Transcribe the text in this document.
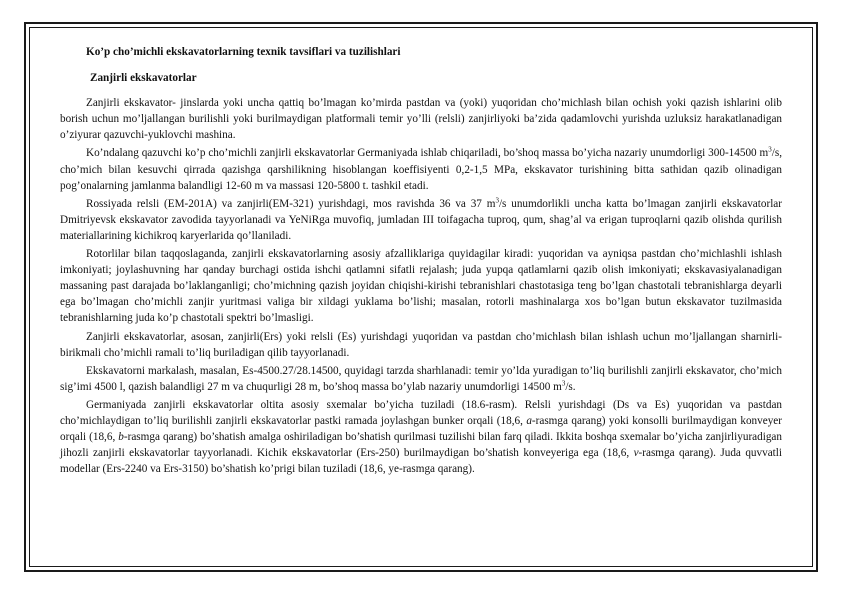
Ko’p cho’michli ekskavatorlarning texnik tavsiflari va tuzilishlari

Zanjirli ekskavatorlar

Zanjirli ekskavator- jinslarda yoki uncha qattiq bo’lmagan ko’mirda pastdan va (yoki) yuqoridan cho’michlash bilan ochish yoki qazish ishlarini olib borish uchun mo’ljallangan burilishli yoki burilmaydigan platformali temir yo’lli (relsli) zanjirliyoki ba’zida qadamlovchi yurishda uzluksiz harakatlanadigan o’ziyurar qazuvchi-yuklovchi mashina.

Ko’ndalang qazuvchi ko’p cho’michli zanjirli ekskavatorlar Germaniyada ishlab chiqariladi, bo’shoq massa bo’yicha nazariy unumdorligi 300-14500 $m^3/s$, cho’mich bilan kesuvchi qirrada qazishga qarshilikning hisoblangan koeffisiyenti 0,2-1,5 MPa, ekskavator turishining bitta sathidan qazib olinadigan pog’onalarning jamlanma balandligi 12-60 m va massasi 120-5800 t. tashkil etadi.

Rossiyada relsli (EM-201A) va zanjirli(EM-321) yurishdagi, mos ravishda 36 va 37 $m^3/s$ unumdorlikli uncha katta bo’lmagan zanjirli ekskavatorlar Dmitriyevsk ekskavator zavodida tayyorlanadi va YeNiRga muvofiq, jumladan III toifagacha tuproq, qum, shag’al va erigan tuproqlarni qazib olishda qurilish materiallarining kichikroq karyerlarida qo’llaniladi.

Rotorlilar bilan taqqoslaganda, zanjirli ekskavatorlarning asosiy afzalliklariga quyidagilar kiradi: yuqoridan va ayniqsa pastdan cho’michlashli ishlash imkoniyati; joylashuvning har qanday burchagi ostida ishchi qatlamni sifatli rejalash; juda yupqa qatlamlarni qazib olish imkoniyati; ekskavasiyalanadigan massaning past darajada bo’laklanganligi; cho’michning qazish joyidan chiqishi-kirishi tebranishlari chastotasiga teng bo’lgan chastotali tebranishlarga deyarli ega bo’lmagan cho’michli zanjir yuritmasi valiga bir xildagi yuklama bo’lishi; masalan, rotorli mashinalarga xos bo’lgan butun ekskavator tuzilmasida tebranishlarning juda ko’p chastotali spektri bo’lmasligi.

Zanjirli ekskavatorlar, asosan, zanjirli(Ers) yoki relsli (Es) yurishdagi yuqoridan va pastdan cho’michlash bilan ishlash uchun mo’ljallangan sharnirli-birikmali cho’michli ramali to’liq buriladigan qilib tayyorlanadi.

Ekskavatorni markalash, masalan, Es-4500.27/28.14500, quyidagi tarzda sharhlanadi: temir yo’lda yuradigan to’liq burilishli zanjirli ekskavator, cho’mich sig’imi 4500 l, qazish balandligi 27 m va chuqurligi 28 m, bo’shoq massa bo’ylab nazariy unumdorligi 14500 $m^3/s$.

Germaniyada zanjirli ekskavatorlar oltita asosiy sxemalar bo’yicha tuziladi (18.6-rasm). Relsli yurishdagi (Ds va Es) yuqoridan va pastdan cho’michlaydigan to’liq burilishli zanjirli ekskavatorlar pastki ramada joylashgan bunker orqali (18,6, a-rasmga qarang) yoki konsolli burilmaydigan konveyer orqali (18,6, b-rasmga qarang) bo’shatish amalga oshiriladigan bo’shatish qurilmasi tuzilishi bilan farq qiladi. Ikkita boshqa sxemalar bo’yicha zanjirliyuradigan jihozli zanjirli ekskavatorlar tayyorlanadi. Kichik ekskavatorlar (Ers-250) burilmaydigan bo’shatish konveyeriga ega (18,6, v-rasmga qarang). Juda quvvatli modellar (Ers-2240 va Ers-3150) bo’shatish ko’prigi bilan tuziladi (18,6, ye-rasmga qarang).
